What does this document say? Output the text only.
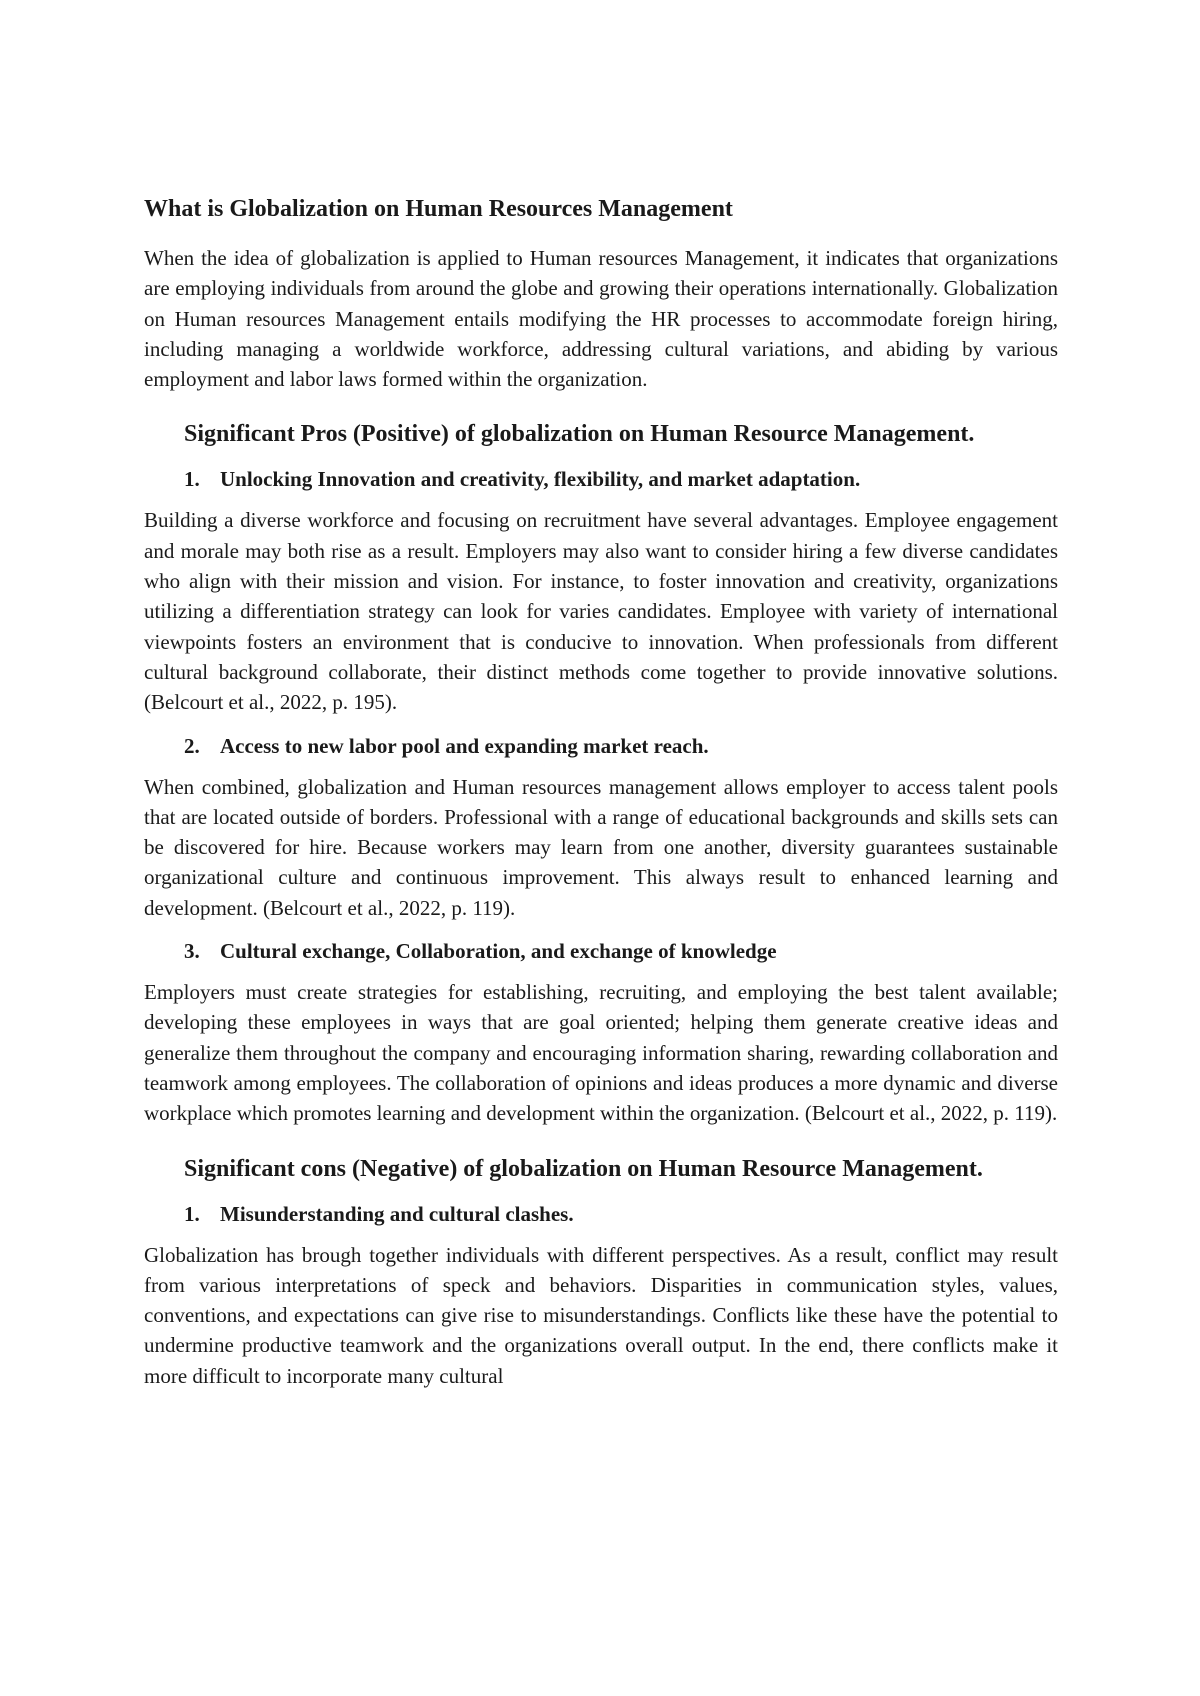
What is Globalization on Human Resources Management

When the idea of globalization is applied to Human resources Management, it indicates that organizations are employing individuals from around the globe and growing their operations internationally. Globalization on Human resources Management entails modifying the HR processes to accommodate foreign hiring, including managing a worldwide workforce, addressing cultural variations, and abiding by various employment and labor laws formed within the organization.

Significant Pros (Positive) of globalization on Human Resource Management.
1. Unlocking Innovation and creativity, flexibility, and market adaptation.

Building a diverse workforce and focusing on recruitment have several advantages. Employee engagement and morale may both rise as a result. Employers may also want to consider hiring a few diverse candidates who align with their mission and vision. For instance, to foster innovation and creativity, organizations utilizing a differentiation strategy can look for varies candidates. Employee with variety of international viewpoints fosters an environment that is conducive to innovation. When professionals from different cultural background collaborate, their distinct methods come together to provide innovative solutions. (Belcourt et al., 2022, p. 195).

2. Access to new labor pool and expanding market reach.

When combined, globalization and Human resources management allows employer to access talent pools that are located outside of borders. Professional with a range of educational backgrounds and skills sets can be discovered for hire. Because workers may learn from one another, diversity guarantees sustainable organizational culture and continuous improvement. This always result to enhanced learning and development. (Belcourt et al., 2022, p. 119).

3. Cultural exchange, Collaboration, and exchange of knowledge

Employers must create strategies for establishing, recruiting, and employing the best talent available; developing these employees in ways that are goal oriented; helping them generate creative ideas and generalize them throughout the company and encouraging information sharing, rewarding collaboration and teamwork among employees. The collaboration of opinions and ideas produces a more dynamic and diverse workplace which promotes learning and development within the organization. (Belcourt et al., 2022, p. 119).

Significant cons (Negative) of globalization on Human Resource Management.
1. Misunderstanding and cultural clashes.

Globalization has brough together individuals with different perspectives. As a result, conflict may result from various interpretations of speck and behaviors. Disparities in communication styles, values, conventions, and expectations can give rise to misunderstandings. Conflicts like these have the potential to undermine productive teamwork and the organizations overall output. In the end, there conflicts make it more difficult to incorporate many cultural
